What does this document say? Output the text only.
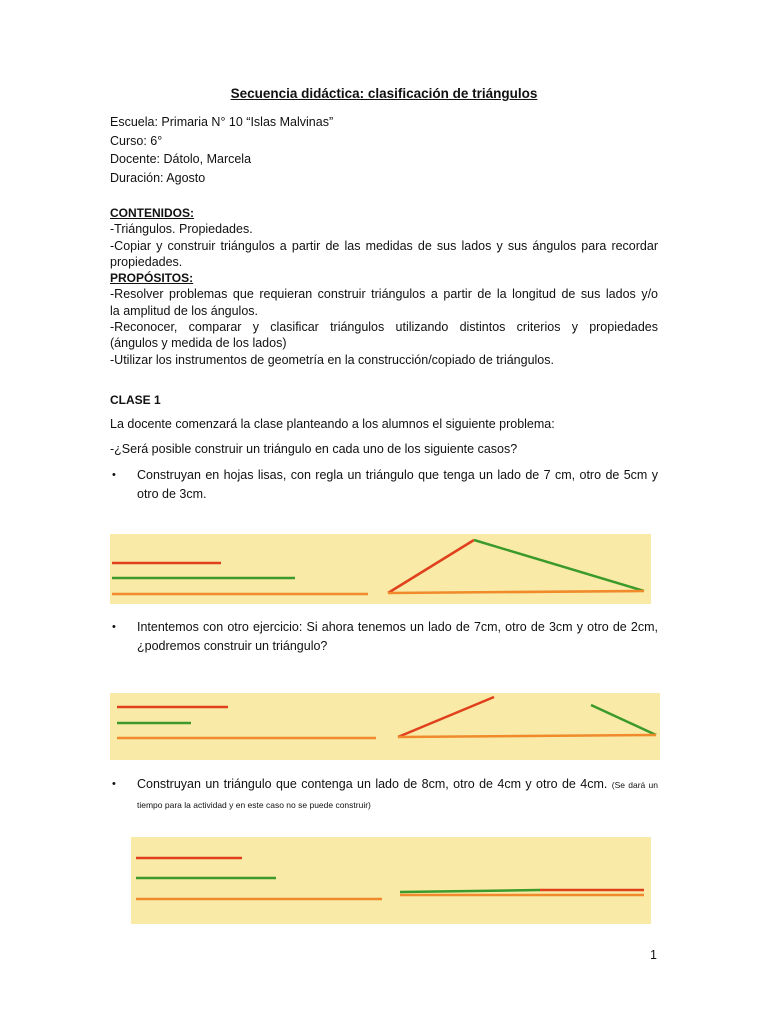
Secuencia didáctica: clasificación de triángulos
Escuela: Primaria N° 10 “Islas Malvinas”
Curso: 6°
Docente: Dátolo, Marcela
Duración: Agosto
CONTENIDOS:
-Triángulos. Propiedades.
-Copiar y construir triángulos a partir de las medidas de sus lados y sus ángulos para recordar
propiedades.
PROPÓSITOS:
-Resolver problemas que requieran construir triángulos a partir de la longitud de sus lados y/o
la amplitud de los ángulos.
-Reconocer, comparar y clasificar triángulos utilizando distintos criterios y propiedades
(ángulos y medida de los lados)
-Utilizar los instrumentos de geometría en la construcción/copiado de triángulos.
CLASE 1
La docente comenzará la clase planteando a los alumnos el siguiente problema:
-¿Será posible construir un triángulo en cada uno de los siguiente casos?
• Construyan en hojas lisas, con regla un triángulo que tenga un lado de 7 cm, otro de 5cm y otro de 3cm.
• Intentemos con otro ejercicio: Si ahora tenemos un lado de 7cm, otro de 3cm y otro de 2cm, ¿podremos construir un triángulo?
• Construyan un triángulo que contenga un lado de 8cm, otro de 4cm y otro de 4cm. (Se dará un tiempo para la actividad y en este caso no se puede construir)
1
